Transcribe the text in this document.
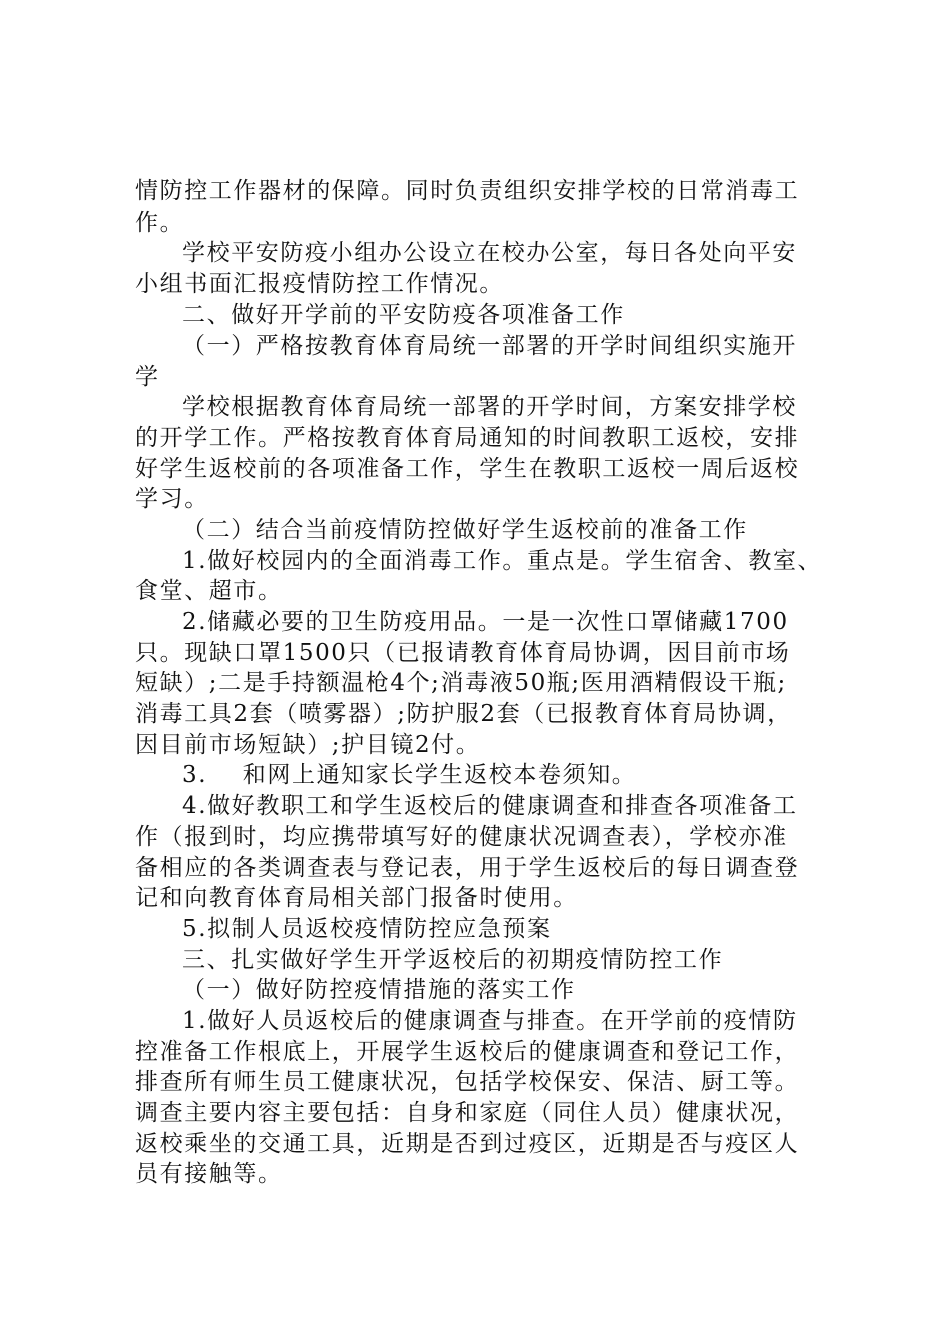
情防控工作器材的保障。同时负责组织安排学校的日常消毒工
作。
学校平安防疫小组办公设立在校办公室，每日各处向平安
小组书面汇报疫情防控工作情况。
二、做好开学前的平安防疫各项准备工作
（一）严格按教育体育局统一部署的开学时间组织实施开
学
学校根据教育体育局统一部署的开学时间，方案安排学校
的开学工作。严格按教育体育局通知的时间教职工返校，安排
好学生返校前的各项准备工作，学生在教职工返校一周后返校
学习。
（二）结合当前疫情防控做好学生返校前的准备工作
1.做好校园内的全面消毒工作。重点是。学生宿舍、教室、
食堂、超市。
2.储藏必要的卫生防疫用品。一是一次性口罩储藏1700
只。现缺口罩1500只（已报请教育体育局协调，因目前市场
短缺）;二是手持额温枪4个;消毒液50瓶;医用酒精假设干瓶;
消毒工具2套（喷雾器）;防护服2套（已报教育体育局协调，
因目前市场短缺）;护目镜2付。
3.    和网上通知家长学生返校本卷须知。
4.做好教职工和学生返校后的健康调查和排查各项准备工
作（报到时，均应携带填写好的健康状况调查表），学校亦准
备相应的各类调查表与登记表，用于学生返校后的每日调查登
记和向教育体育局相关部门报备时使用。
5.拟制人员返校疫情防控应急预案
三、扎实做好学生开学返校后的初期疫情防控工作
（一）做好防控疫情措施的落实工作
1.做好人员返校后的健康调查与排查。在开学前的疫情防
控准备工作根底上，开展学生返校后的健康调查和登记工作，
排查所有师生员工健康状况，包括学校保安、保洁、厨工等。
调查主要内容主要包括：自身和家庭（同住人员）健康状况，
返校乘坐的交通工具，近期是否到过疫区，近期是否与疫区人
员有接触等。
